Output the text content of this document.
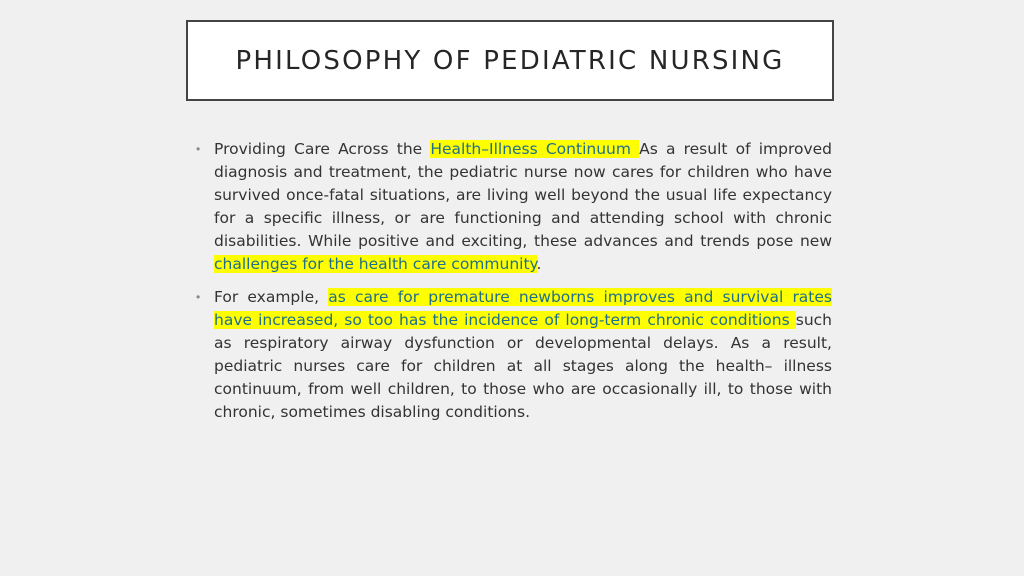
PHILOSOPHY OF PEDIATRIC NURSING
• Providing Care Across the Health–Illness Continuum As a result of improved diagnosis and treatment, the pediatric nurse now cares for children who have survived once-fatal situations, are living well beyond the usual life expectancy for a specific illness, or are functioning and attending school with chronic disabilities. While positive and exciting, these advances and trends pose new challenges for the health care community.

• For example, as care for premature newborns improves and survival rates have increased, so too has the incidence of long-term chronic conditions such as respiratory airway dysfunction or developmental delays. As a result, pediatric nurses care for children at all stages along the health– illness continuum, from well children, to those who are occasionally ill, to those with chronic, sometimes disabling conditions.
